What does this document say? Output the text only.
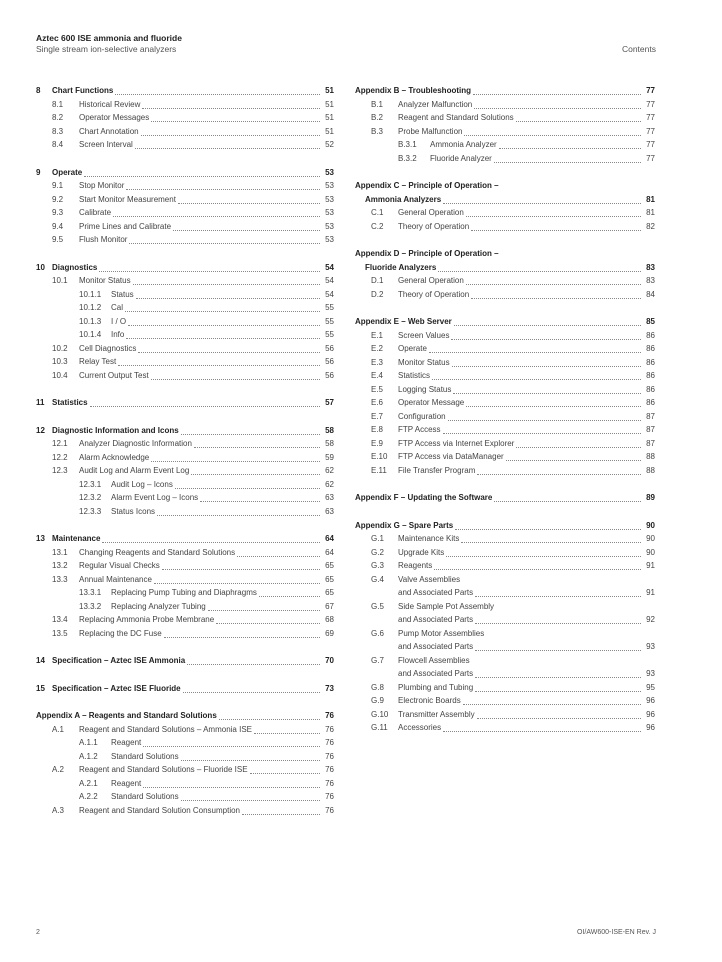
Aztec 600 ISE ammonia and fluoride
Single stream ion-selective analyzers	Contents
8	Chart Functions	51
8.1	Historical Review	51
8.2	Operator Messages	51
8.3	Chart Annotation	51
8.4	Screen Interval	52
9	Operate	53
9.1	Stop Monitor	53
9.2	Start Monitor Measurement	53
9.3	Calibrate	53
9.4	Prime Lines and Calibrate	53
9.5	Flush Monitor	53
10 Diagnostics	54
10.1	Monitor Status	54
10.1.1	Status	54
10.1.2	Cal	55
10.1.3	I / O	55
10.1.4	Info	55
10.2	Cell Diagnostics	56
10.3	Relay Test	56
10.4	Current Output Test	56
11 Statistics	57
12 Diagnostic Information and Icons	58
12.1	Analyzer Diagnostic Information	58
12.2	Alarm Acknowledge	59
12.3	Audit Log and Alarm Event Log	62
12.3.1	Audit Log – Icons	62
12.3.2	Alarm Event Log – Icons	63
12.3.3	Status Icons	63
13 Maintenance	64
13.1	Changing Reagents and Standard Solutions	64
13.2	Regular Visual Checks	65
13.3	Annual Maintenance	65
13.3.1	Replacing Pump Tubing and Diaphragms	65
13.3.2	Replacing Analyzer Tubing	67
13.4	Replacing Ammonia Probe Membrane	68
13.5	Replacing the DC Fuse	69
14 Specification – Aztec ISE Ammonia	70
15 Specification – Aztec ISE Fluoride	73
Appendix A – Reagents and Standard Solutions	76
A.1	Reagent and Standard Solutions – Ammonia ISE	76
A.1.1	Reagent	76
A.1.2	Standard Solutions	76
A.2	Reagent and Standard Solutions – Fluoride ISE	76
A.2.1	Reagent	76
A.2.2	Standard Solutions	76
A.3	Reagent and Standard Solution Consumption	76
Appendix B – Troubleshooting	77
B.1	Analyzer Malfunction	77
B.2	Reagent and Standard Solutions	77
B.3	Probe Malfunction	77
B.3.1	Ammonia Analyzer	77
B.3.2	Fluoride Analyzer	77
Appendix C – Principle of Operation –
Ammonia Analyzers	81
C.1	General Operation	81
C.2	Theory of Operation	82
Appendix D – Principle of Operation –
Fluoride Analyzers	83
D.1	General Operation	83
D.2	Theory of Operation	84
Appendix E – Web Server	85
E.1	Screen Values	86
E.2	Operate	86
E.3	Monitor Status	86
E.4	Statistics	86
E.5	Logging Status	86
E.6	Operator Message	86
E.7	Configuration	87
E.8	FTP Access	87
E.9	FTP Access via Internet Explorer	87
E.10	FTP Access via DataManager	88
E.11	File Transfer Program	88
Appendix F – Updating the Software	89
Appendix G – Spare Parts	90
G.1	Maintenance Kits	90
G.2	Upgrade Kits	90
G.3	Reagents	91
G.4	Valve Assemblies
and Associated Parts	91
G.5	Side Sample Pot Assembly
and Associated Parts	92
G.6	Pump Motor Assemblies
and Associated Parts	93
G.7	Flowcell Assemblies
and Associated Parts	93
G.8	Plumbing and Tubing	95
G.9	Electronic Boards	96
G.10	Transmitter Assembly	96
G.11	Accessories	96
2	OI/AW600-ISE-EN Rev. J
